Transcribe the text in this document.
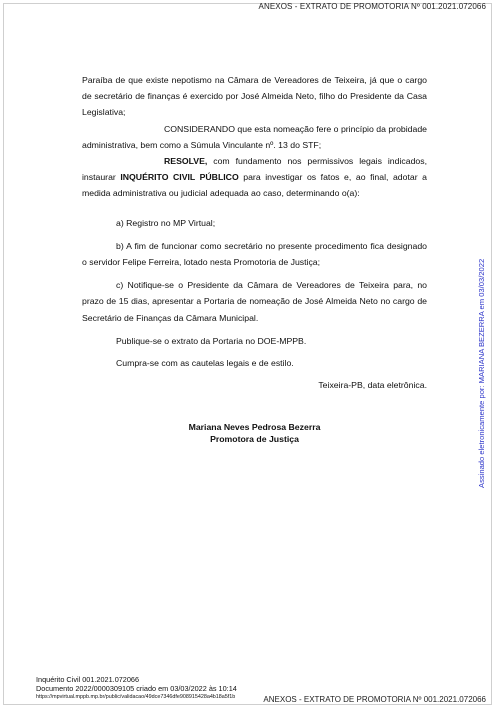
ANEXOS - EXTRATO DE PROMOTORIA Nº 001.2021.072066

Paraíba de que existe nepotismo na Câmara de Vereadores de Teixeira, já que o cargo de secretário de finanças é exercido por José Almeida Neto, filho do Presidente da Casa Legislativa;

CONSIDERANDO que esta nomeação fere o princípio da probidade administrativa, bem como a Súmula Vinculante nº. 13 do STF;

RESOLVE, com fundamento nos permissivos legais indicados, instaurar INQUÉRITO CIVIL PÚBLICO para investigar os fatos e, ao final, adotar a medida administrativa ou judicial adequada ao caso, determinando o(a):

a) Registro no MP Virtual;

b) A fim de funcionar como secretário no presente procedimento fica designado o servidor Felipe Ferreira, lotado nesta Promotoria de Justiça;

c) Notifique-se o Presidente da Câmara de Vereadores de Teixeira para, no prazo de 15 dias, apresentar a Portaria de nomeação de José Almeida Neto no cargo de Secretário de Finanças da Câmara Municipal.

Publique-se o extrato da Portaria no DOE-MPPB.

Cumpra-se com as cautelas legais e de estilo.

Teixeira-PB, data eletrônica.

Mariana Neves Pedrosa Bezerra
Promotora de Justiça	Assinado eletronicamente por: MARIANA BEZERRA em 03/03/2022
Inquérito Civil 001.2021.072066
Documento 2022/0000309105 criado em 03/03/2022 às 10:14
https://mpvirtual.mppb.mp.br/public/validacao/49dce7346dfe908915428a4b18a5f1b	ANEXOS - EXTRATO DE PROMOTORIA Nº 001.2021.072066
